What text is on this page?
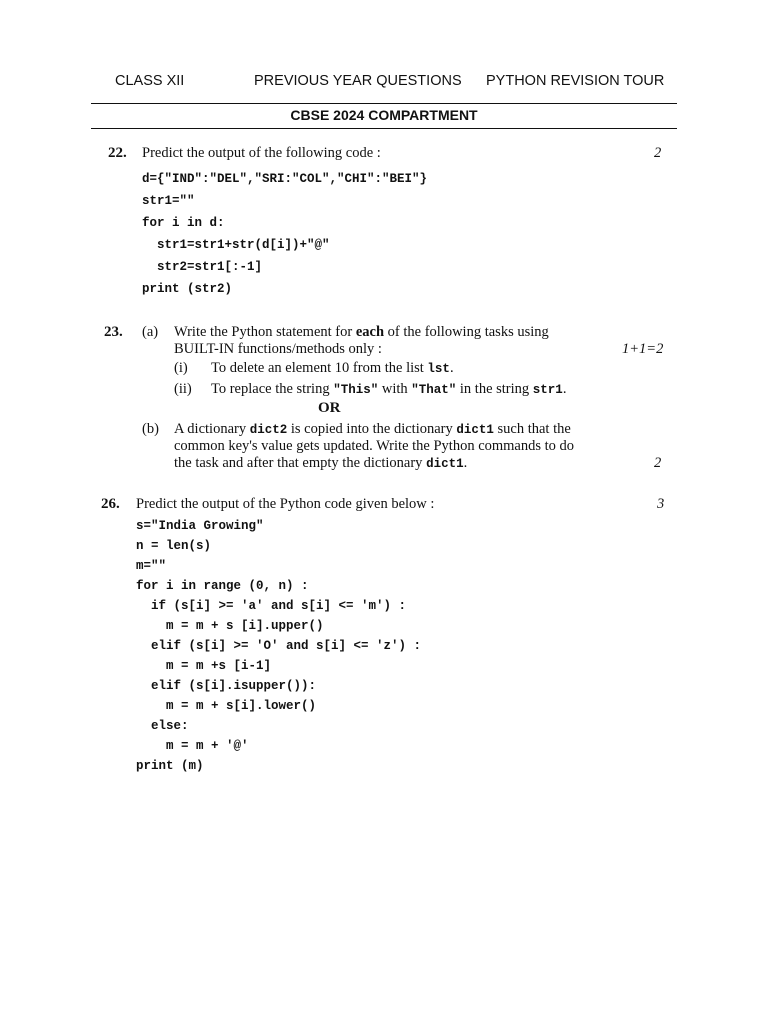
CLASS XII	PREVIOUS YEAR QUESTIONS PYTHON REVISION TOUR
CBSE 2024 COMPARTMENT
22. Predict the output of the following code :	2
d={"IND":"DEL","SRI:"COL","CHI":"BEI"}
str1=""
for i in d:
str1=str1+str(d[i])+"@"
str2=str1[:-1]
print (str2)
23. (a) Write the Python statement for each of the following tasks using
BUILT-IN functions/methods only :	1+1=2
(i) To delete an element 10 from the list lst.
(ii) To replace the string "This" with "That" in the string str1.
OR
(b) A dictionary dict2 is copied into the dictionary dict1 such that the
common key's value gets updated. Write the Python commands to do
the task and after that empty the dictionary dict1.	2
26. Predict the output of the Python code given below :	3
s="India Growing"
n = len(s)
m=""
for i in range (0, n) :
if (s[i] >= 'a' and s[i] <= 'm') :
m = m + s [i].upper()
elif (s[i] >= 'O' and s[i] <= 'z') :
m = m +s [i-1]
elif (s[i].isupper()):
m = m + s[i].lower()
else:
m = m + '@'
print (m)
